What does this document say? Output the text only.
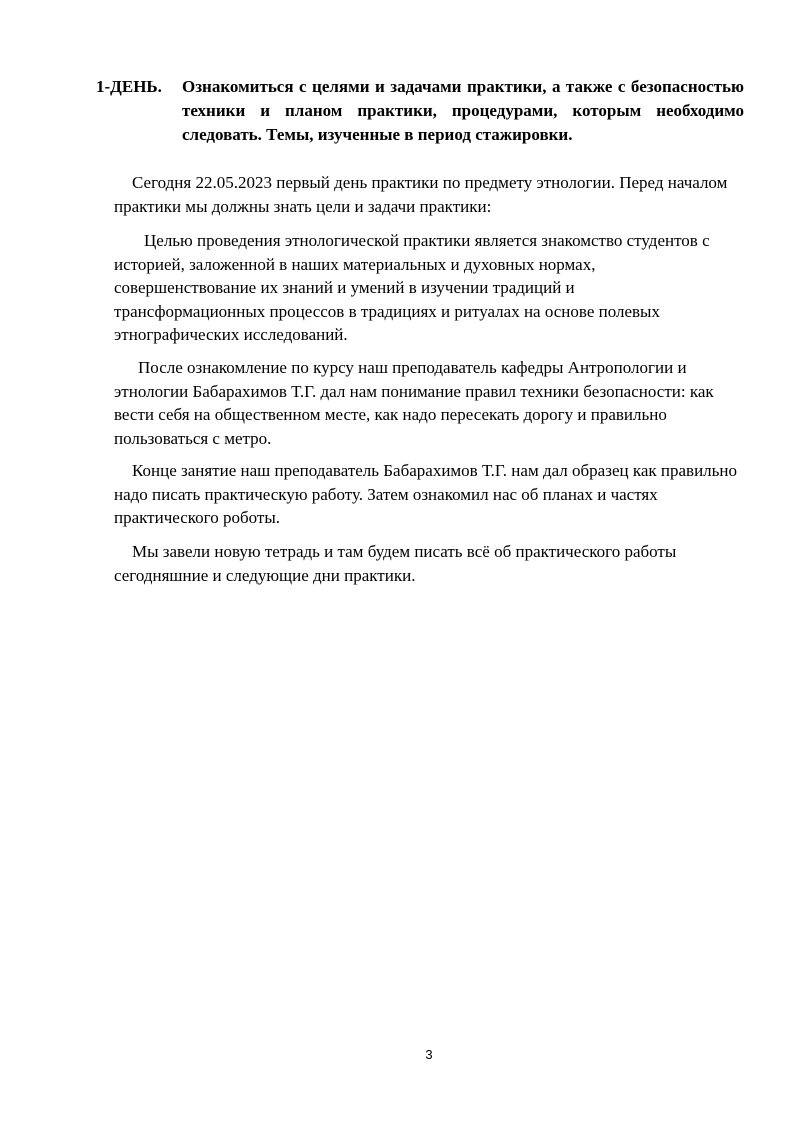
1-ДЕНЬ.	Ознакомиться с целями и задачами практики, а также с безопасностью техники и планом практики, процедурами, которым необходимо следовать. Темы, изученные в период стажировки.
Сегодня 22.05.2023 первый день практики по предмету этнологии. Перед началом практики мы должны знать цели и задачи практики:
Целью проведения этнологической практики является знакомство студентов с историей, заложенной в наших материальных и духовных нормах, совершенствование их знаний и умений в изучении традиций и трансформационных процессов в традициях и ритуалах на основе полевых этнографических исследований.
После ознакомление по курсу наш преподаватель кафедры Антропологии и этнологии Бабарахимов Т.Г. дал нам понимание правил техники безопасности: как вести себя на общественном месте, как надо пересекать дорогу и правильно пользоваться с метро.
Конце занятие наш преподаватель Бабарахимов Т.Г. нам дал образец как правильно надо писать практическую работу. Затем ознакомил нас об планах и частях практического роботы.
Мы завели новую тетрадь и там будем писать всё об практического работы сегодняшние и следующие дни практики.
3
